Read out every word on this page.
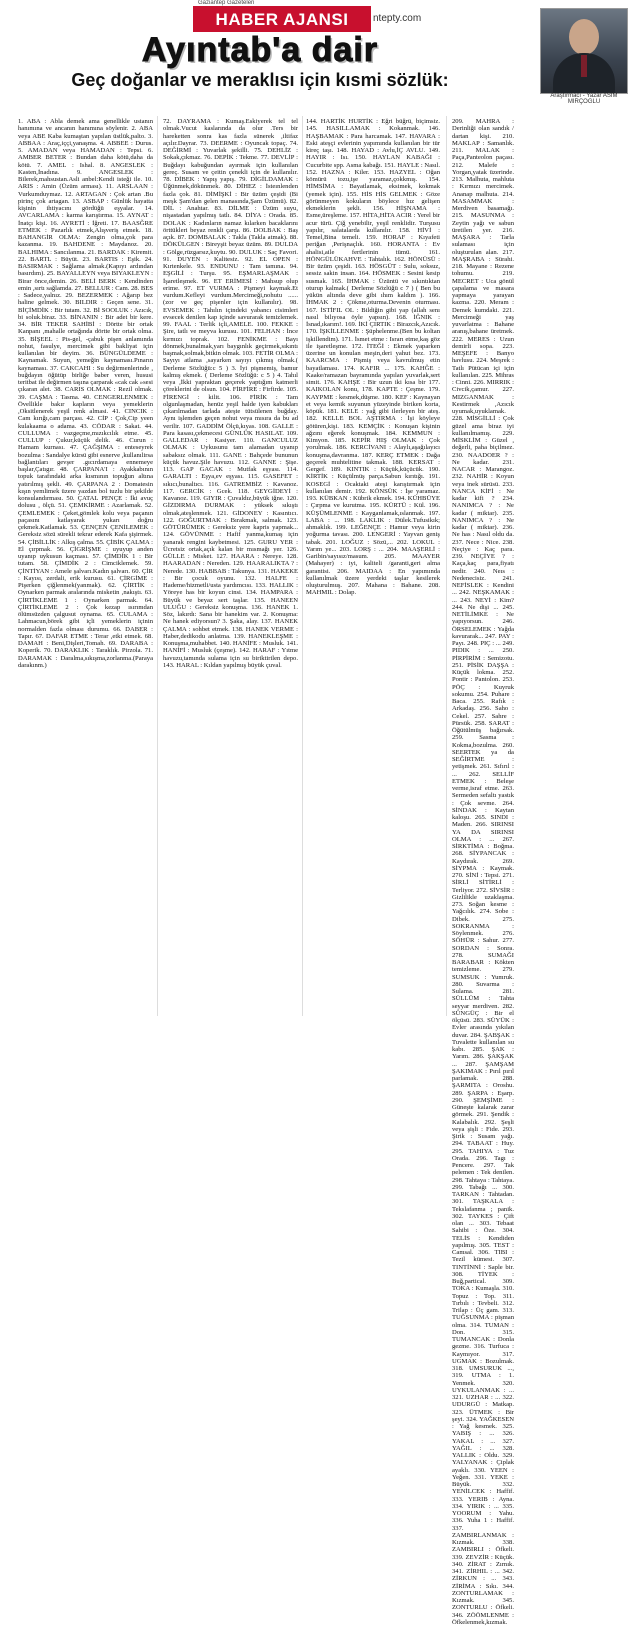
Gaziantep Gazeteleri
HABER AJANSI	ntepty.com
Ayıntab'a dair
Geç doğanlar ve meraklısı için kısmi sözlük:
Araştırmacı - Yazar ASIM MIRÇOGLU

1. ABA : Abla demek ama genellikle ustanın hanımına ve ancanın hanımına söylenir. 2. ABA veya ABE Kaba kumaştan yapılan üstlük,palto. 3. ABBAA : Araç,iççi,yanaşma. 4. ABBEE : Durus. 5. AMADAN veya HAMADAN : Tepsi. 6. AMBER BETER : Bundan daha kötü,daha da kötü. 7. AMEL : Ishal. 8. ANGESLEK : Kasten,İnadına. 9. ANGESLEK : Bilerek,mahsustan.Asli anbel:Kendi isteği ile. 10. ARIS : Amin (Üzüm arması). 11. ARSLAAN : Vurkumduymaz. 12. ARTAGAN : Çok artan .Bu pirinç çok artagan. 13. ASBAP : Günlük hayatta kişinin ihtiyacını gördüğü eşyalar. 14. AVCARLAMA : karma karıştırma. 15. AYNAT : İnatçı kişi. 16. AYRETİ : İğreti. 17. BAASĞRE ETMEK : Pazarlık etmek,Alışveriş etmek. 18. BAHANGİR OLMA: Zengin olma,çok para kazanma. 19. BAHDENE : Maydanoz. 20. BALHIMA : Sancılanma. 21. BARDAK : Kiremit. 22. BARTL : Büyüt. 23. BARTIS : Eşik. 24. BASIRMAK : Sağlama almak.(Kapıyı ardından basırdım). 25. BAYALLEYN veya BIYAKLEYN : Birar önce,demin. 26. BELİ BERK : Kendinden emin ,sırtı sağlamda. 27. BELLUR : Cam. 28. BES : Sadece,yalnız. 29. BEZERMEK : Ağarıp bez haline gelmek. 30. BILDIR : Geçen sene. 31. BİÇİMDİK : Bir tutam. 32. Bİ SOOLUK : Azıcık, bi soluk.biraz. 33. BİNANIN : Bir adet bir kere. 34. BİR TEKER SAHİBİ : Dörtte bir ortak Kanpanı ,mahalle ortağında dörtte bir ortak olma. 35. BİŞEEL : Pis-gel, -çabuk pişen anlamında nohut, fasulye, mercimek gibi bakliyat için kullanılan bir deyim. 36. BÜNGÜLDEME : Kaynamak. Suyun, yemeğin kaynaması.Pınarın kaynaması. 37. CAKCAHI : Su değirmenlerinde , buğdayın öğütüp birliğe baber veren, hususi teritbat ile değirmen taşına çarparak «cak cak »sesi çıkaran alet. 38. CARIS OLMAK : Rezil olmak. 39. CAŞMA : Tasma. 40. CENGERLENMEK : Övellikle bakır kapların veya yemeklerin ,Oksitlenerek yeşil renk almasi. 41. CINCIK : Cam kırığı,cam parçası. 42. CİP : Çok,Cip yeen kulakaama o adama. 43. CÖDAR : Sakat. 44. CULLUMA : vazgeçme,mızıkcılık etme. 45. CULLUP : Çukur,küçük delik. 46. Curun : Hamam kurnası. 47. ÇAĞŞIMA : enteseyrek bozulma : Sandalye kürsü gibi esnerve ,kullanılirsa bağlantıları gevşer .gıcırdamaya ennemeye başlar,Çatıgır. 48. ÇARPANA'I : Ayakkabının topuk tarafındaki arka kısmının topuğun altına yatırılmış şekli. 49. ÇARPANA 2 : Domatesin kışın yemlimek üzere yazdan bol tuzlu bir şekilde konsulandırması. 50. ÇATAL PENÇE : İki avuç dolusu , ölçü. 51. ÇEMKİRME : Azarlamak. 52. ÇEMLEMEK : Çeket,gömlek kolu veya paçanın paçasını katlayarak yukarı doğru çekmek.Katlamak. 53. ÇENÇEN ÇENİLEMEK : Gereksiz sözü sürekli tekrar ederek Kafa şişirmek. 54. ÇİBİLLİK : Alkış çalma. 55. ÇİBİK ÇALMA : El çırpmak. 56. ÇİGRİŞME : uyuyup anden uyanıp uykusun kaçması. 57. ÇİMDİK 1 : Bir tutam. 58. ÇİMDİK 2 : Cimciklemek. 59. ÇİNTİYAN : Amele şalvarı.Kadın şalvarı. 60. ÇİR : Kayısı, zerdali, erik kurusu. 61. ÇİRGİME : Pişerken çiğlenmek(yanmak). 62. ÇİRTİK : Oynarken parmak aralarında misketin ,nakıştı. 63. ÇİRTİKLEME 1 : Oynarken parmak. 64. ÇİRTİKLEME 2 : Çok kezap ısırımdan ölümsüzden çalgusut oynama. 65. CULAMA : Lahmacun,börek gibi içli yemeklerin içinin normalden fazla olması durumu. 66. DABER : Tapır. 67. DAFAR ETME : Terar ,etki etmek. 68. DAMAH : Beni,Dişleri,Tomah. 69. DARABA : Koperik. 70. DARAKLIK : Taraklık. Pirzola. 71. DARAMAK : Daralma,sıkışma,zorlanma.(Paraya darakınm.)

72. DAYRAMA : Kumaş.Eskiyerek tel tel olmak.Vucut kaslarında da olur .Ters bir hareketten sonra kas fazla sünerek ,iltifaz açılır.Dayrar. 73. DEERME : Oyuncak topaç. 74. DEĞİRMİ : Yuvarlak şekilli. 75. DEHLİZ : Sokak,çıkmaz. 76. DEPİK : Tekme. 77. DEVLİP : Buğdayı kabuğundan ayırmak için kullanılan gereç. Susam ve çeitin çenekli için de kullanılır. 78. DİBEK : Yapış yapış. 79. DİGİLDAMAK : Üğünmek,dökünmek. 80. DİHEZ : İsteınlenden fazla çok. 81. DİMİŞKİ : Bir üzüm çeşidi (Bi meşk Şam'dan gelen manasında,Şam Üzümü). 82. DİL : Anahtar. 83. DİLME : Üzüm suyu, nişastadan yapılmış tatlı. 84. DİYA : Orada. 85. DOLAK : Kadınların namaz kılarken bacaklarını örttükleri beyaz renkli çarşı. 86. DOLBAK : Baş açık. 87. DOMBALAK : Takla (Takla atmak). 88. DÖKÜLGEN : Bireyşit beyaz üzüm. 89. DULDA : Gölge,rüzgarsız,kuytu. 90. DULUK : Saç Favori. 91. DUYEN : Kalitesiz. 92. EL OPEN : Kırtenkele. 93. ENDUNU : Tam tamına. 94. EŞGİLİ : Turşu. 95. EŞMARLAŞMAK : İşaretleşmek. 96. ET ERİMESİ : Mahsup olup erime. 97. ET VURMA : Pişmeyi kaymak.Et vurdum.Kefleyi vurdum.Mercimeği,nohutu ......(zor ve geç pişenler için kullanılır). 98. EVSEMEK : Tahılın içindeki yabancı cisimleri evsecek denilen kap içinde savurarak temizlemek. 99. FAAL : Terlik içli,AMELE. 100. FEKKE : Şire, tatlı ve meyva kurusu. 101. FELHAN : İnce kırmızı toprak. 102. FENİKME : Bayı dönmek,bunalmak,yarı baygınlık geçirmek,sıkıntı başmak,solmak,bitkin olmak. 103. FETİR OLMA : Sayıyı atlama ,sayarken sayıyı çıkmış olmak.( Derleme Sözlüğü:c 5 ) 3. İyi pişmemiş, bamur kalmış ekmek. ( Derleme Sözlüğü: c 5 ) 4. Tahıl veya ,İkki yapraktan geçerek yaptığım katmerli çöreklerini de olsun. 104. FİRFİRE : Firfirde. 105. FİRENGİ : kilit. 106. FİRİK : Tam olgunlaşmadan, henüz yeşil halde iyen kabukları çıkarılmadan tarlada ateşte tütsülenen buğday. Aynı işlemden geçen nohut veya mısıra da bu ad verilir. 107. GADDİM Ölçü,kıyas. 108. GALLE : Para kasası,çekmecesi GÜNLÜK HASILAT. 109. GALLEDAR : Kasiyer. 110. GANCULUZ OLMAK : Uykusunu tam alamadan uyanıp sabaksız olmak. 111. GANE : Bahçede bununun küçük havuz.Şile havuzu. 112. GANNE : Şişe. 113. GAP GACAK : Mutfak eşyası. 114. GARALTI : Eşya,ev eşyası. 115. GASEFET : sıkıcı,bunaltıcı. 116. GATREMBİZ : Kavanoz. 117. GERCİK : Gcek. 118. GEYGİDEYİ : Kavanoz. 119. GIYIR : Çuvaldız,büyük iğne. 120. GİZDIRMA DURMAK : yüksek sıkıştı olmak,ateşlenmek. 121. GİDONEY : Kasıntıcı. 122. GOĞURTMAK : Bırakmak, salmak. 123. GÖTÜRÜMEK : Gereksiz yere kapris yapmak... 124. GÖVÜNME : Hafif yanma,kumaş için yanarak rengini kaybetmesi. 125. GURU YER : Ücretsiz ortak,açık kalan bir mısmağı yer. 126. GÜLLE : Misket. 127. HAARA : Nereye. 128. HAARADAN : Nereden. 129. HAARALIKTA ? : Nerede. 130. HABBAB : Takunya. 131. HAKEKE : Bir çocuk oyunu. 132. HALFE : Hademe/hizmetli/usta yardımcısı. 133. HALLIK : Yöreye has bir koyun cinsi. 134. HAMPARA : Büyük ve beyaz sert taşlar. 135. HANEEN ULUĞU : Gereksiz konuşma. 136. HANEK 1. Söz, lakırdı: Sana bir hanekim var. 2. Konuşma: Ne hanek ediyorsun? 3. Şaka, alay. 137. HANEK ÇALMA : sohbet etmek. 138. HANEK VERME : Haber,dedikodu anlatma. 139. HANEKLEŞME : Konuşma,muhabbet. 140. HANİFE : Musluk. 141. HANİFİ : Musluk (çeşme). 142. HARAF : Yıtme havuzu,tamında sulama için su biriktirilen depo. 143. HARAL : Kıldan yapılmış büyük çuval.

144. HARTİK HURTİK : Eğri büğrü, biçimsiz. 145. HASILLAMAK : Kokanmak. 146. HAŞBAMAK : Para harcamak. 147. HAVARA : Eski ateşçi evlerinin yapımında kullanılan bir tür kireç taşı. 148. HAYAD : Avlu,İÇ AVLU. 149. HAYIR : Isı. 150. HAYLAN KABAĞI : Cucurbite spp. Asma kabağı. 151. HAYLE : Nasıl. 152. HAZNA : Kiler. 153. HAZYEL : Oğan kömürü tozu,işe yaramaz,çokkmış. 154. HİMSİMA : Bayatlamak, eksimek, kokmak (yemek için). 155. HİS HİS GELMEK : Göze görünmeyen kokuların böylece hız gelişen ekmeklerin şekli. 156. HİŞNAMA : Esme,üreşleme. 157. HİTA,HİTA ACIR : Yerel bir acur türü. Çiğ yenebilir, yeşil renklidir. Turşusu yapılır, salatalarda kullanılır. 158. HİVİ : Temel,Bina temeli. 159. HORAF : Kıyafeti periğan ,Perişnaçlık. 160. HORANTA : Ev ahalisi,aile fertlerinin tümü. 161. HÖNGÜLÜKAHVE : Tahtalık. 162. HÖNÜSÜ : Bir üzüm çeşidi. 163. HÖSGÜT : Sulu, soksuz, sessiz sakin insan. 164. HÖSMEK : Sesini kesip susmak. 165. İHMAK : Üzüntü ve sıkıntıktan oturup kalmak.( Derleme Sözlüğü c 7 ) ( Ben bu yükün altında deve gibi ıhım kaldım ). 166. İHMAK 2 : Çökme,oturma.Devenin oturması. 167. İSTİFIL OL : Bildiğin gibi yap (allah senı nasıl bilıyosa öyle yapsın). 168. İĞNIK : İsnad,ıkarım!. 169. İKİ ÇIRTIK : Birazcık,Azıcık. 170. İŞKİLLENME : Şüphelenme.(Ben bu koltan işkillendim). 171. İsmet etme : Israrı etme,kaş göz ile işaretleşme. 172. İTEĞİ : Ekmek yaparken üzerine un konulan meşin,deri yahut bez. 173. KAARCMA : Pişmiş veya kavrulmuş etin bayatlaması. 174. KAFIR ... 175. KAHĞE : Kaake/ramazan bayramında yapılan yuvarlak,sert simit. 176. KAHŞE : Bir uzun iki kısa bir 177. KAIKOLAN konu, 178. KAPTE : Çeşme. 179. KAYPME : kesmek,düşme. 180. KEF : Kaynayan et veya kemik suyunun yüzeyinde biriken korta, köpük. 181. KELE : yağ gibi ilerleyen bir ateş. 182. KELLE BOL AŞTIRMA : İşi köyleye götüren,kişi. 183. KEMÇİK : Konuşan kişinin ağzını eğerek konuşmak. 184. KEMMUN : Kimyon. 185. KEPİR HIŞ OLMAK : Çok yorulmak. 186. KERCİVANI : Alaylı,aşağılayıcı konuşma,davranma. 187. KERÇ ETMEK : Dağa geçerek muhtelitine takmak. 188. KERSAT : Gergef. 189. KINTIK : Küçük,küçücük. 190. KİRTİK : Küçülmüş parça.Sabun kırıtığı. 191. KOSEGİ : Ocaktaki ateşi karıştırmak için kullanılan demir. 192. KÖNSÜK : İşe yaramaz. 193. KÜBKAN : Kübrik ekmek. 194. KÜHBÜYE : Çırpma ve kurutma. 195. KÜRTÜ : Kül. 196. KÜŞÜMLENME : Kayganlamak,ıslanmak. 197. LABA : ... 198. LAKLIK : Dülek.Tufusikık; ahmaklık. 199. LEĞENÇE : Hamur veya kirin yoğurma tavası. 200. LENGERİ : Yayvan geniş tabak. 201. LOĞUZ : Sözü,... 202. LOKUL : Yarım ye... 203. LORŞ : ... 204. MAAŞERLİ : Garibin/sayısız/masum. 205. MAAYER (Mahayer) : iyi, kaliteli /garanti,geri alma garantisi. 206. MAIDAA : En yapımında kullanılmak üzere yerdeki taşlar kesilerek oluşturulmuş. 207. Mahana : Bahane. 208. MAHMIL : Dolap.

209. MAHRA : Derinliği olan sandık / dartan kişi. 210. MAKLAP : Samanlık. 211. MALAK : Paça,Panteolon paçası. 212. Malefe : Yorgan,yatak üzerinde. 213. Malhuta, mahluta : Kırmızı mercimek. Ananap malhuta. 214. MASAMMAK : Merdiven basamağı. 215. MASUNMA : Zeytin yağı ve sabun üretilen yer. 216. MAŞARA : Tarla sulaması için oluşturulan alan. 217. MAŞRABA : Sürahi. 218. Mayane : Rezene tohumu. 219. MECRET : Uca gönül çapalama ve masara yapmaya yarayan kazma. 220. Meram : Demek kumdaki. 221. Mercimeği yaş yuvarlatma : Bahane aranış,bahane üretmek. 222. MERES : Uzun demirli sopa. 223. MEŞEFE : Banyo havlusu. 224. Meşrek : Tatlı Pütücan içi için kullanılan. 225. Mihras : Cinni. 226. MIRRIK : Civcik,çamur. 227. MIZGANMAK : Kestirmek ,Azıcık uyumak,uyuklamak. 228. MİSGİLLİ : Çok güzel ama biraz iyi kullanılmamış. 229. MİSKLİM : Güzel , değerli, paha biçilmez. 230. NAADOER ? : Ne kadar. 231. NACAR : Marangoz. 232. NAHİR : Koyun veya inek sürüsü. 233. NANCA KİFİ : Ne kadar kifi ? 234. NANIMCA ? : Ne kadar ( miktar). 235. NANIMCA ? : Ne kadar ( miktar). 236. Ne has : Nasıl oldu da. 237. Nece : Nice. 238. Neçiye : Kaç para. 239. NEÇİYE ? : Kaça,kaç para,fiyatı nedir. 240. Neıs : Nedenecisiz. 241. NEFİSLEK : Kendini ... 242. NEŞKAMAK : ... 243. NEYİ : Kim? 244. Ne dişi ... 245. NETİLİMKE : Ne yapıyorsun. 246. ÖRSELEMEK : Yağda kavurarak... 247. PAY : Payı. 248. PIÇ : ... 249. PIDIK : ... 250. PİRPİRİM : Semizotu. 251. PİSİK DAŞŞA : Küçük lokma. 252. Pontir : Pantolon. 253. PÖÇ : Kuyruk sokumu. 254. Puhare : Baca. 255. Rafık : Arkadaş. 256. Saho : Cekel. 257. Sahre : Pürsük. 258. SARAT : Öğütülmüş bağırsak. 259. Sasma : Kokma,bozulma. 260. SEERTEK ya da SEĞİRTME : yetişmek. 261. Sıfırıl : ... 262. SELLİF ETMEK : Beleşe verme,israf etme. 263. Sermeden sefaltı yastık : Çok sevme. 264. SİNDAK : Kaytan kaloşu. 265. SINDI : Maden. 266. SIRINSI YA DA SIRINSI OLMA : ... 267. SİRKTİMA : Boğma. 268. SİYPANCAK : Kaydırak. 269. SİYPMA : Kaymak. 270. SİNİ : Tepsi. 271. SİRLİ SİTİRLİ : Terliyor. 272. SİVSİR : Gizlilikle uzaklaşma. 273. Soğan kesme : Yağcılık. 274. Sobe : Dibek. 275. SOKRANMA : Söylenmek. 276. SÖHÜR : Sahur. 277. SORDAN : Sonra. 278. SUMAĞI BARABAR : Kökten temizleme. 279. SUMSUK : Yumruk. 280. Suvarma : Sulama. 281. SÜLLÜM : Tahta seyyar merdiven. 282. SÜNGÜÇ : Bir el ölçüsü. 283. SÜYÜK : Evler arasında yıkılan duvar. 284. ŞABŞAK : Tuvalette kullanılan su kabı. 285. ŞAK : Yarım. 286. ŞAKŞAK ... 287. ŞAMŞAM ŞAKIMAK : Pırıl pırıl parlamak. 288. ŞARMITA : Oroshu. 289. ŞARPA : Eşarp. 290. ŞEMŞİME : Güneşte kalarak zarar görmek. 291. Şendik : Kalabalık. 292. Şeşli veya şişli : Fide. 293. Şirik : Susam yağı. 294. TABAAT : Huy. 295. TAHIYA : Tuz Orada. 296. Tagı : Pencere. 297. Tak pelemen : Tek denilen. 298. Tahtaya : Tahtaya. 299. Tabağı ... 300. TARKAN : Tahtadan. 301. TAŞKALA : Tekslafanma ; panik. 302. TAYKES : Çift olan ... 303. Tebaat Sahibi : Öze. 304. TELİS : Kendiden yapılmış. 305. TEST : Camsal. 306. TIBI : Tezil kümesi. 307. TINTİNNİ : Saple bir. 308. TİYEK : Buğ,partical. 309. TOKA : Kumaşla. 310. Topuz : Top. 311. Tırbılı : Tevbeli. 312. Trilap : Üç gam. 313. TUĞSUNMA : pişman olma. 314. TUMAN : Don. 315. TUMANCAK : Donla gezme. 316. Turfuca : Kaymıyor. 317. UGMAK : Bozulmak. 318. UMSURUK ..., 319. UTMA : 1. Yenmek. 320. UYKULANMAK : ... 321. UZHAR : ... 322. UDURGÜ : Matkap. 323. ÜTMEK : Bir şeyi. 324. YAĞKESEN : Yağ kesmek. 325. YABIŞ : ... 326. YAKAL : ... 327. YAĞIL : ... 328. YALLIK : Oldu. 329. YALYANAK : Çiplak ayaklı. 330. YEEN : Yeğen. 331. YEKE : Büyük. 332. YENİLCEK : Haffif. 333. YERIB : Ayna. 334. YIRIK : ... 335. YOORUM : Yahu. 336. Yuha 1 : Haffif. 337. ZAMBIRLANMAK : Kızmak. 338. ZAMBIRLI : Öfkeli. 339. ZEVZİR : Küçük. 340. ZİRAT : Zırnık. 341. ZİRHIL : ... 342. ZİRKUN : ... 343. ZİRİMA : Sıkı. 344. ZONTURLAMAK : Kızmak. 345. ZONTURLU : Öfkeli. 346. ZÖÖMLENME : Öfkelenmek,kızmak.
